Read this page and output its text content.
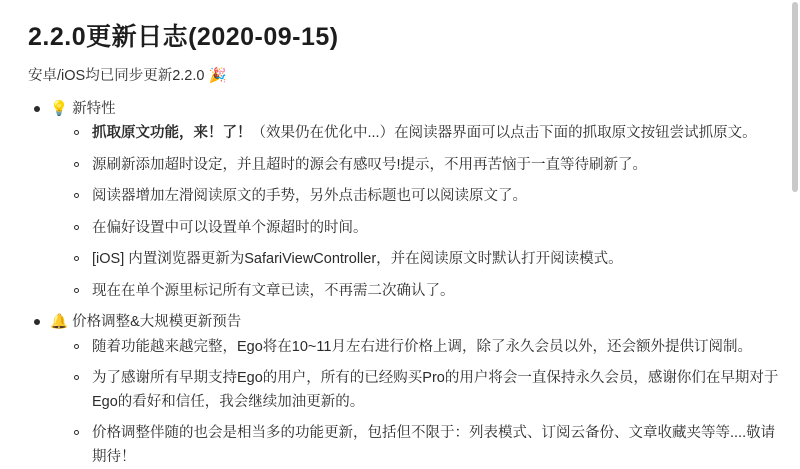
2.2.0更新日志(2020-09-15)

安卓/iOS均已同步更新2.2.0 🎉

💡 新特性
抓取原文功能，来！了！（效果仍在优化中...）在阅读器界面可以点击下面的抓取原文按钮尝试抓原文。
源刷新添加超时设定，并且超时的源会有感叹号!提示，不用再苦恼于一直等待刷新了。
阅读器增加左滑阅读原文的手势，另外点击标题也可以阅读原文了。
在偏好设置中可以设置单个源超时的时间。
[iOS] 内置浏览器更新为SafariViewController，并在阅读原文时默认打开阅读模式。
现在在单个源里标记所有文章已读，不再需二次确认了。
🔔 价格调整&大规模更新预告
随着功能越来越完整，Ego将在10~11月左右进行价格上调，除了永久会员以外，还会额外提供订阅制。
为了感谢所有早期支持Ego的用户，所有的已经购买Pro的用户将会一直保持永久会员，感谢你们在早期对于Ego的看好和信任，我会继续加油更新的。
价格调整伴随的也会是相当多的功能更新，包括但不限于：列表模式、订阅云备份、文章收藏夹等等....敬请期待！
